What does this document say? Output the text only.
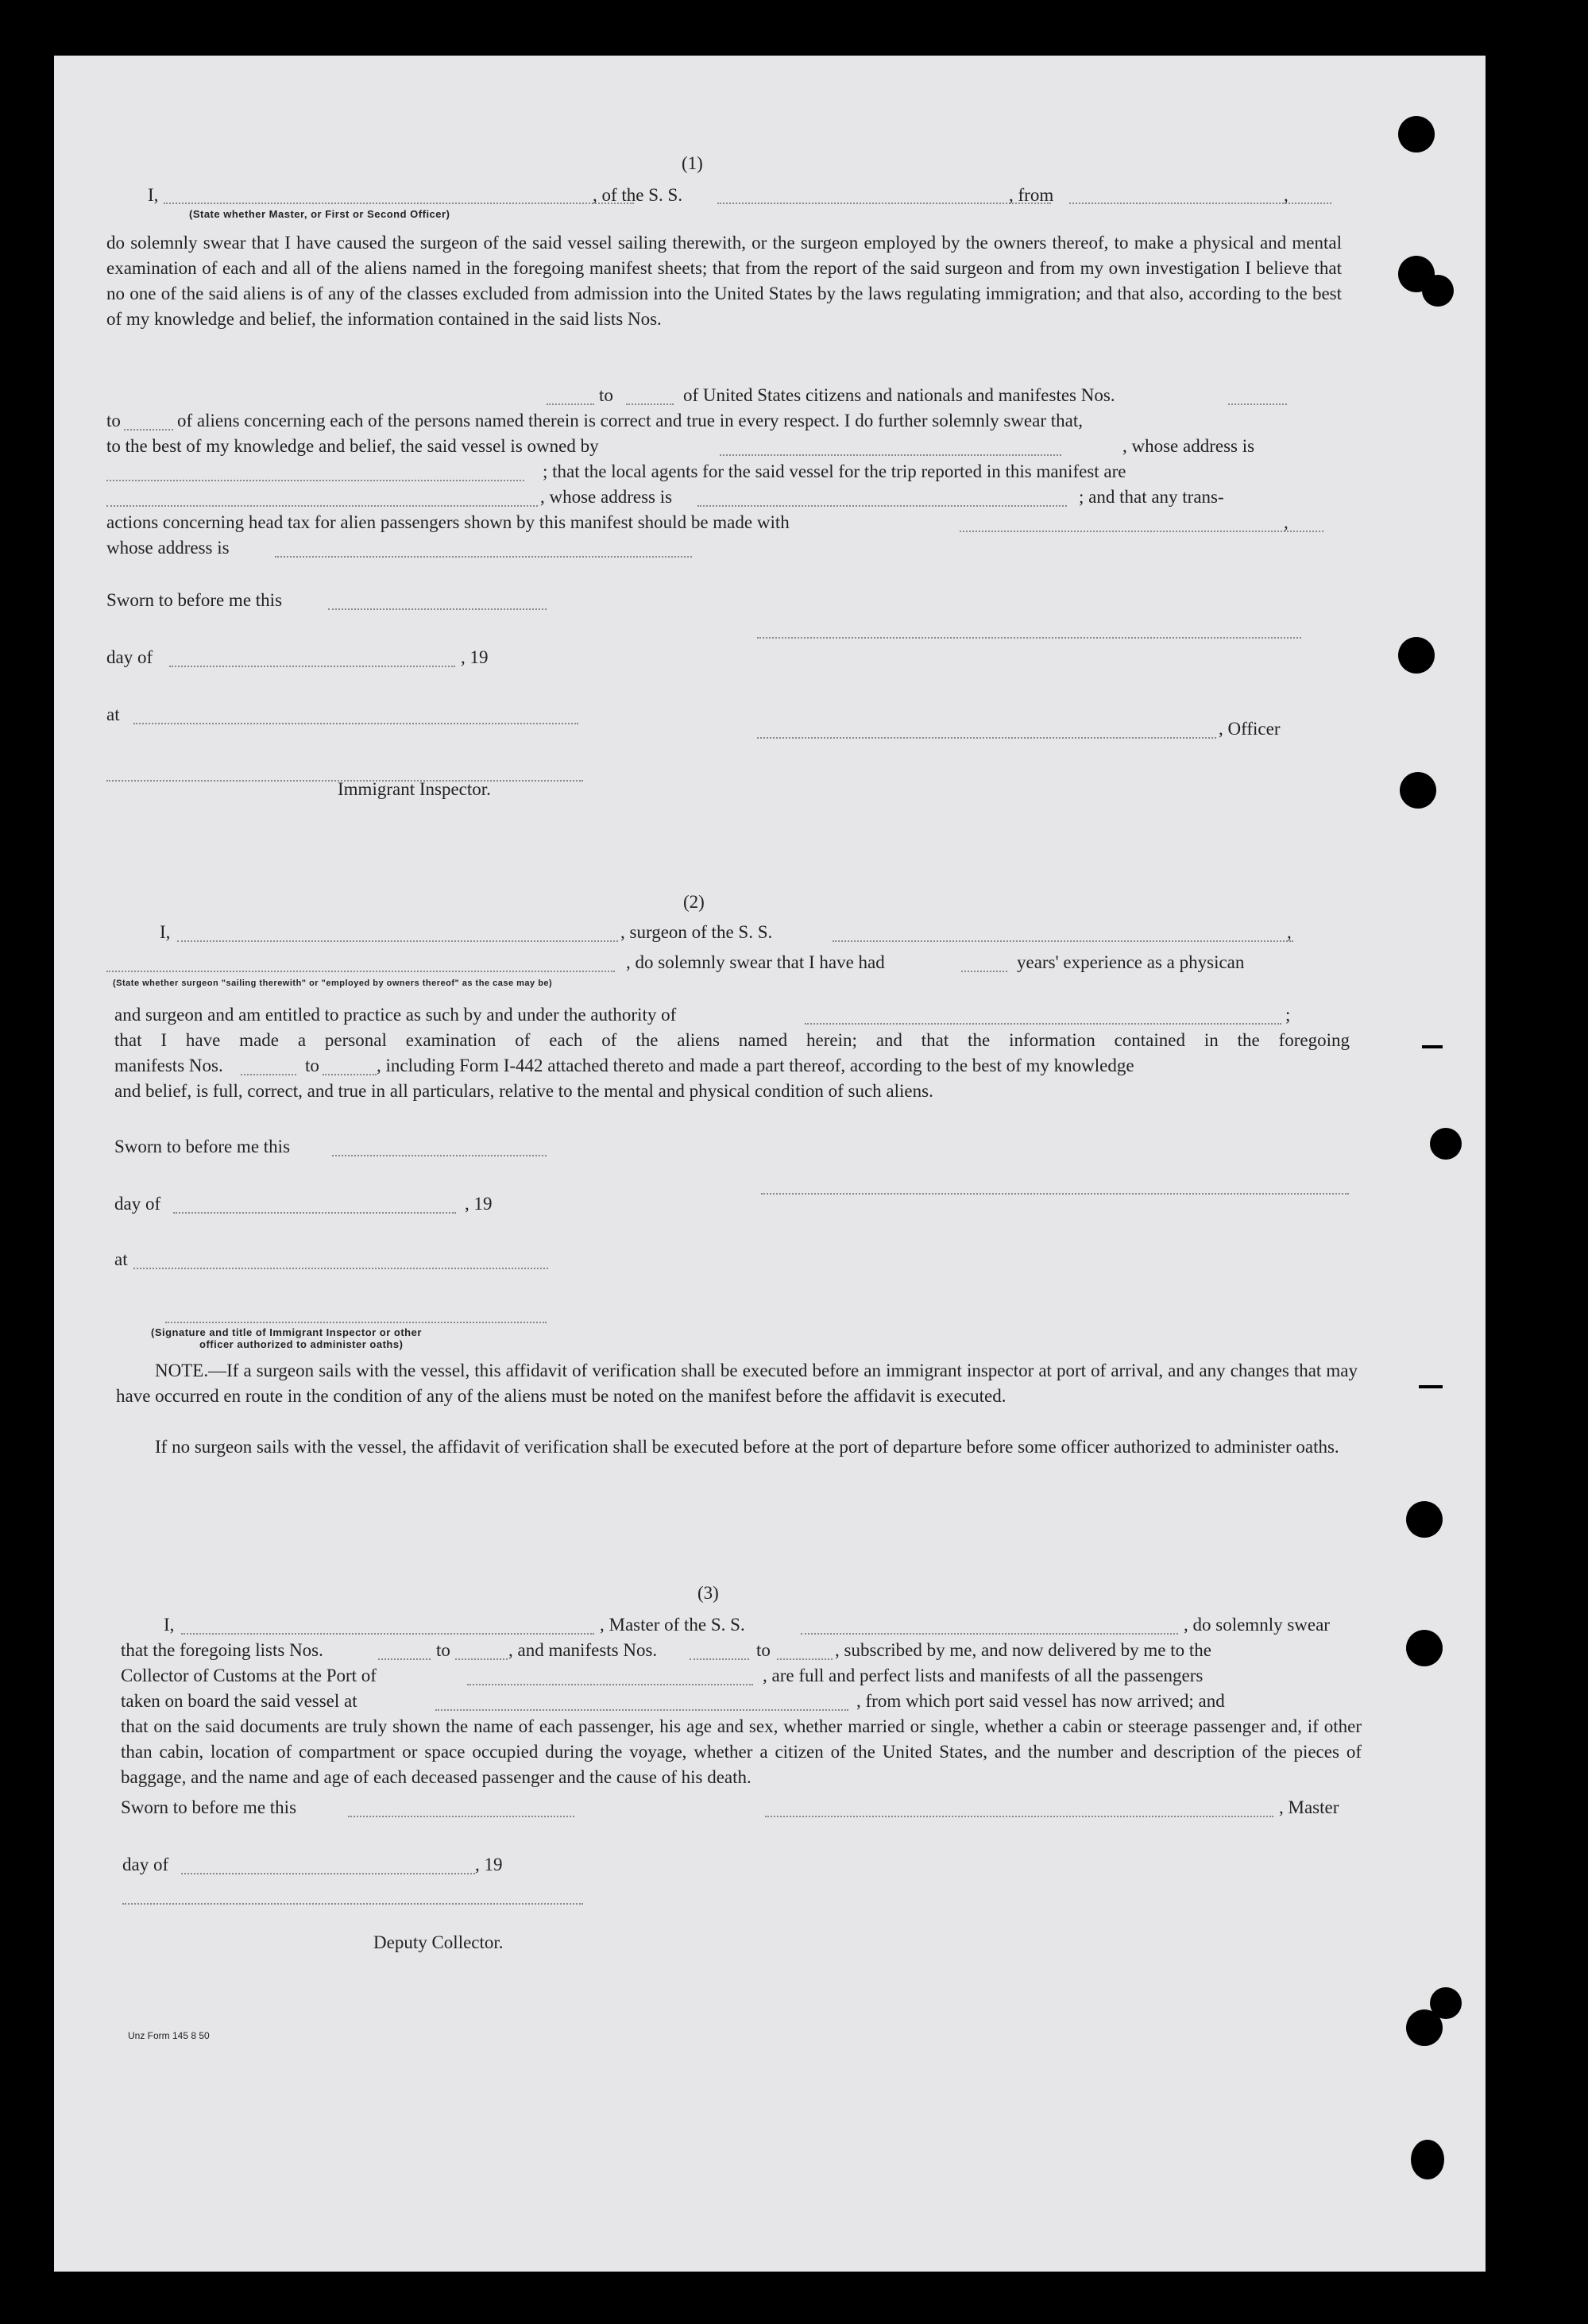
(1)

I,	, of the S. S.	, from	,

(State whether Master, or First or Second Officer)

do solemnly swear that I have caused the surgeon of the said vessel sailing therewith, or the surgeon employed by the owners thereof, to make a physical and mental examination of each and all of the aliens named in the foregoing manifest sheets; that from the report of the said surgeon and from my own investigation I believe that no one of the said aliens is of any of the classes excluded from admission into the United States by the laws regulating immigration; and that also, according to the best of my knowledge and belief, the information contained in the said lists Nos.

to	of United States citizens and nationals and manifestes Nos.

to	of aliens concerning each of the persons named therein is correct and true in every respect. I do further solemnly swear that,

to the best of my knowledge and belief, the said vessel is owned by	, whose address is

; that the local agents for the said vessel for the trip reported in this manifest are

, whose address is	; and that any trans-

actions concerning head tax for alien passengers shown by this manifest should be made with	,

whose address is

Sworn to before me this

day of	, 19

at

, Officer

Immigrant Inspector.

(2)

I,	, surgeon of the S. S.	,

, do solemnly swear that I have had	years' experience as a physican

(State whether surgeon "sailing therewith" or "employed by owners thereof" as the case may be)

and surgeon and am entitled to practice as such by and under the authority of	;

that I have made a personal examination of each of the aliens named herein; and that the information contained in the foregoing

manifests Nos.	to	, including Form I-442 attached thereto and made a part thereof, according to the best of my knowledge

and belief, is full, correct, and true in all particulars, relative to the mental and physical condition of such aliens.

Sworn to before me this

day of	, 19

at

(Signature and title of Immigrant Inspector or other

officer authorized to administer oaths)

NOTE.—If a surgeon sails with the vessel, this affidavit of verification shall be executed before an immigrant inspector at port of arrival, and any changes that may have occurred en route in the condition of any of the aliens must be noted on the manifest before the affidavit is executed.

If no surgeon sails with the vessel, the affidavit of verification shall be executed before at the port of departure before some officer authorized to administer oaths.

(3)

I,	, Master of the S. S.	, do solemnly swear

that the foregoing lists Nos.	to	, and manifests Nos.	to	, subscribed by me, and now delivered by me to the

Collector of Customs at the Port of	, are full and perfect lists and manifests of all the passengers

taken on board the said vessel at	, from which port said vessel has now arrived; and

that on the said documents are truly shown the name of each passenger, his age and sex, whether married or single, whether a cabin or steerage passenger and, if other than cabin, location of compartment or space occupied during the voyage, whether a citizen of the United States, and the number and description of the pieces of baggage, and the name and age of each deceased passenger and the cause of his death.

Sworn to before me this	, Master

day of	, 19

Deputy Collector.

Unz Form 145 8 50
